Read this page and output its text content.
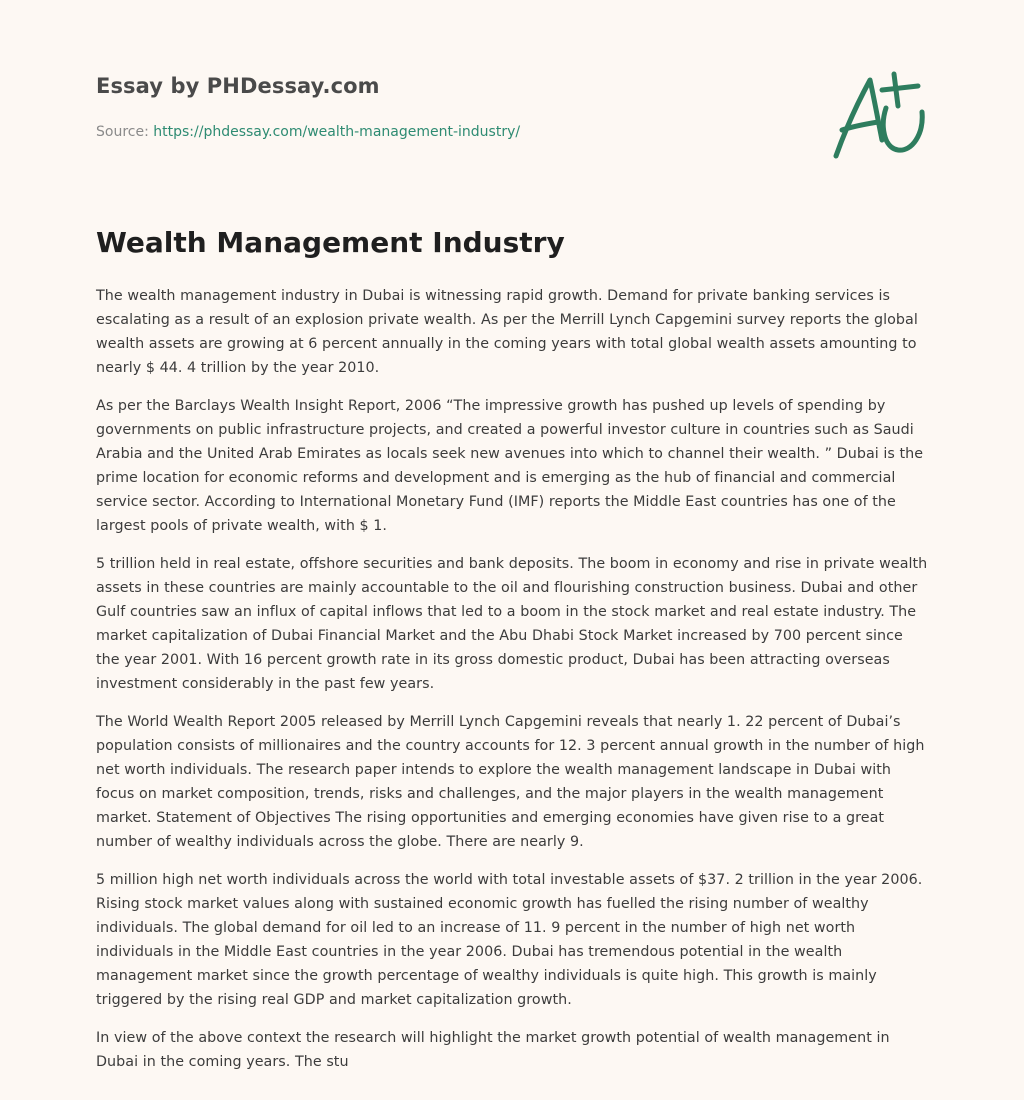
Essay by PHDessay.com
Source: https://phdessay.com/wealth-management-industry/
Wealth Management Industry

The wealth management industry in Dubai is witnessing rapid growth. Demand for private banking services is escalating as a result of an explosion private wealth. As per the Merrill Lynch Capgemini survey reports the global wealth assets are growing at 6 percent annually in the coming years with total global wealth assets amounting to nearly $ 44. 4 trillion by the year 2010.

As per the Barclays Wealth Insight Report, 2006 “The impressive growth has pushed up levels of spending by governments on public infrastructure projects, and created a powerful investor culture in countries such as Saudi Arabia and the United Arab Emirates as locals seek new avenues into which to channel their wealth. ” Dubai is the prime location for economic reforms and development and is emerging as the hub of financial and commercial service sector. According to International Monetary Fund (IMF) reports the Middle East countries has one of the largest pools of private wealth, with $ 1.

5 trillion held in real estate, offshore securities and bank deposits. The boom in economy and rise in private wealth assets in these countries are mainly accountable to the oil and flourishing construction business. Dubai and other Gulf countries saw an influx of capital inflows that led to a boom in the stock market and real estate industry. The market capitalization of Dubai Financial Market and the Abu Dhabi Stock Market increased by 700 percent since the year 2001. With 16 percent growth rate in its gross domestic product, Dubai has been attracting overseas investment considerably in the past few years.

The World Wealth Report 2005 released by Merrill Lynch Capgemini reveals that nearly 1. 22 percent of Dubai’s population consists of millionaires and the country accounts for 12. 3 percent annual growth in the number of high net worth individuals. The research paper intends to explore the wealth management landscape in Dubai with focus on market composition, trends, risks and challenges, and the major players in the wealth management market. Statement of Objectives The rising opportunities and emerging economies have given rise to a great number of wealthy individuals across the globe. There are nearly 9.

5 million high net worth individuals across the world with total investable assets of $37. 2 trillion in the year 2006. Rising stock market values along with sustained economic growth has fuelled the rising number of wealthy individuals. The global demand for oil led to an increase of 11. 9 percent in the number of high net worth individuals in the Middle East countries in the year 2006. Dubai has tremendous potential in the wealth management market since the growth percentage of wealthy individuals is quite high. This growth is mainly triggered by the rising real GDP and market capitalization growth.

In view of the above context the research will highlight the market growth potential of wealth management in Dubai in the coming years. The stu
